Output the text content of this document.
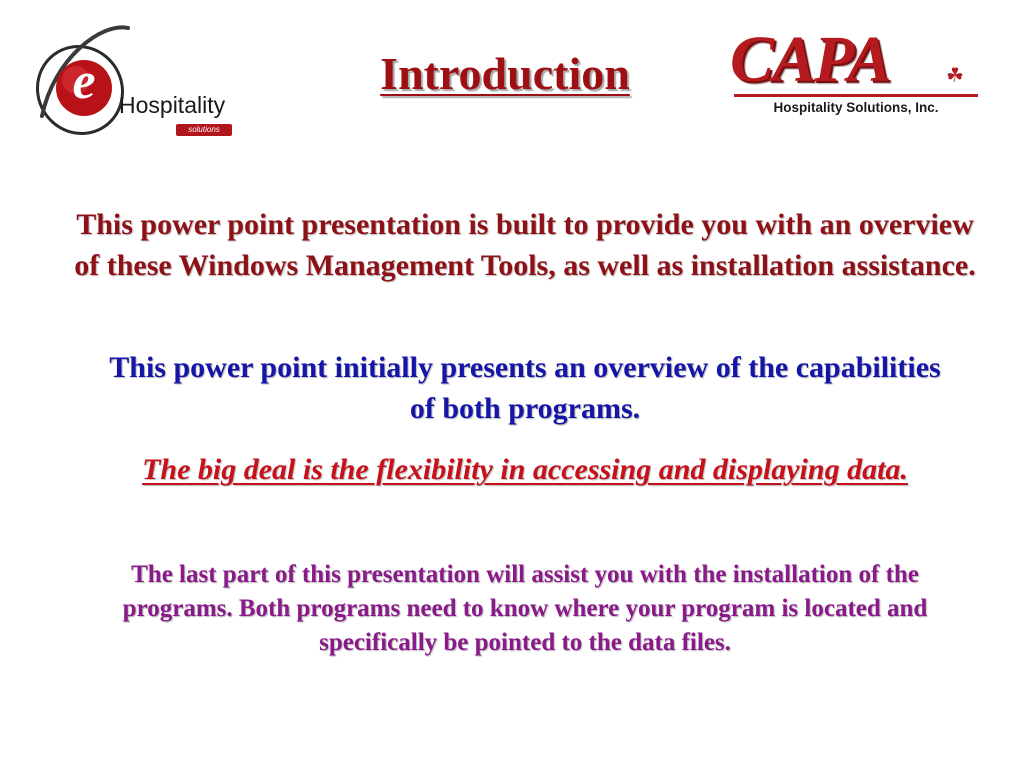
e	Hospitality
solutions
Introduction	CAPA	☘
Hospitality Solutions, Inc.
This power point presentation is built to provide you with an overview of these Windows Management Tools, as well as installation assistance.
This power point initially presents an overview of the capabilities of both programs.
The big deal is the flexibility in accessing and displaying data.
The last part of this presentation will assist you with the installation of the programs. Both programs need to know where your program is located and specifically be pointed to the data files.
